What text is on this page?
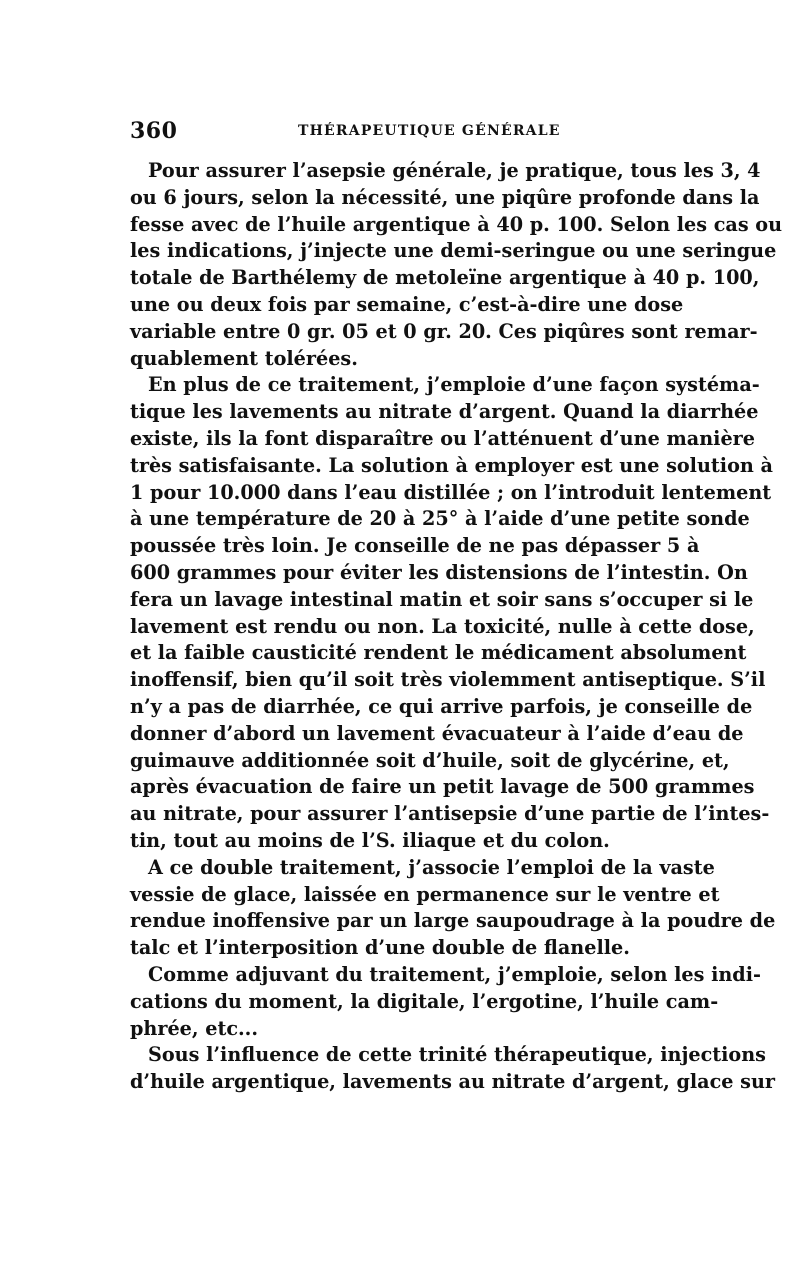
360	THÉRAPEUTIQUE GÉNÉRALE
Pour assurer l’asepsie générale, je pratique, tous les 3, 4
ou 6 jours, selon la nécessité, une piqûre profonde dans la
fesse avec de l’huile argentique à 40 p. 100. Selon les cas ou
les indications, j’injecte une demi-seringue ou une seringue
totale de Barthélemy de metoleïne argentique à 40 p. 100,
une ou deux fois par semaine, c’est-à-dire une dose
variable entre 0 gr. 05 et 0 gr. 20. Ces piqûres sont remar-
quablement tolérées.
En plus de ce traitement, j’emploie d’une façon systéma-
tique les lavements au nitrate d’argent. Quand la diarrhée
existe, ils la font disparaître ou l’atténuent d’une manière
très satisfaisante. La solution à employer est une solution à
1 pour 10.000 dans l’eau distillée ; on l’introduit lentement
à une température de 20 à 25° à l’aide d’une petite sonde
poussée très loin. Je conseille de ne pas dépasser 5 à
600 grammes pour éviter les distensions de l’intestin. On
fera un lavage intestinal matin et soir sans s’occuper si le
lavement est rendu ou non. La toxicité, nulle à cette dose,
et la faible causticité rendent le médicament absolument
inoffensif, bien qu’il soit très violemment antiseptique. S’il
n’y a pas de diarrhée, ce qui arrive parfois, je conseille de
donner d’abord un lavement évacuateur à l’aide d’eau de
guimauve additionnée soit d’huile, soit de glycérine, et,
après évacuation de faire un petit lavage de 500 grammes
au nitrate, pour assurer l’antisepsie d’une partie de l’intes-
tin, tout au moins de l’S. iliaque et du colon.
A ce double traitement, j’associe l’emploi de la vaste
vessie de glace, laissée en permanence sur le ventre et
rendue inoffensive par un large saupoudrage à la poudre de
talc et l’interposition d’une double de flanelle.
Comme adjuvant du traitement, j’emploie, selon les indi-
cations du moment, la digitale, l’ergotine, l’huile cam-
phrée, etc...
Sous l’influence de cette trinité thérapeutique, injections
d’huile argentique, lavements au nitrate d’argent, glace sur
